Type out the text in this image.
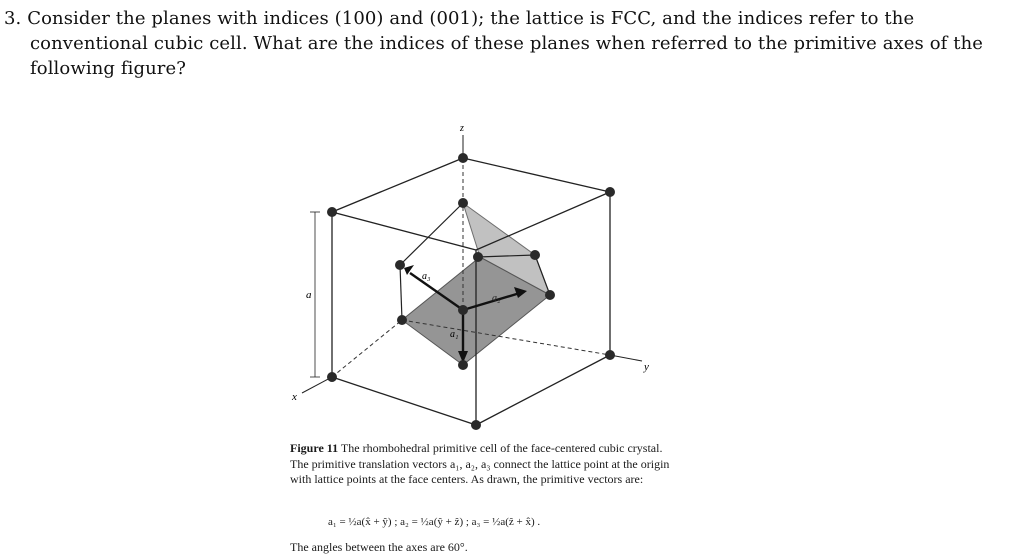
3. Consider the planes with indices (100) and (001); the lattice is FCC, and the indices refer to the
conventional cubic cell. What are the indices of these planes when referred to the primitive axes of the
following figure?
z
y
x
a
a₃
a₂
a₁
Figure 11 The rhombohedral primitive cell of the face-centered cubic crystal. The primitive translation vectors a₁, a₂, a₃ connect the lattice point at the origin with lattice points at the face centers. As drawn, the primitive vectors are:
a₁ = ½a(x̂ + ŷ) ; a₂ = ½a(ŷ + ẑ) ; a₃ = ½a(ẑ + x̂) .
The angles between the axes are 60°.
